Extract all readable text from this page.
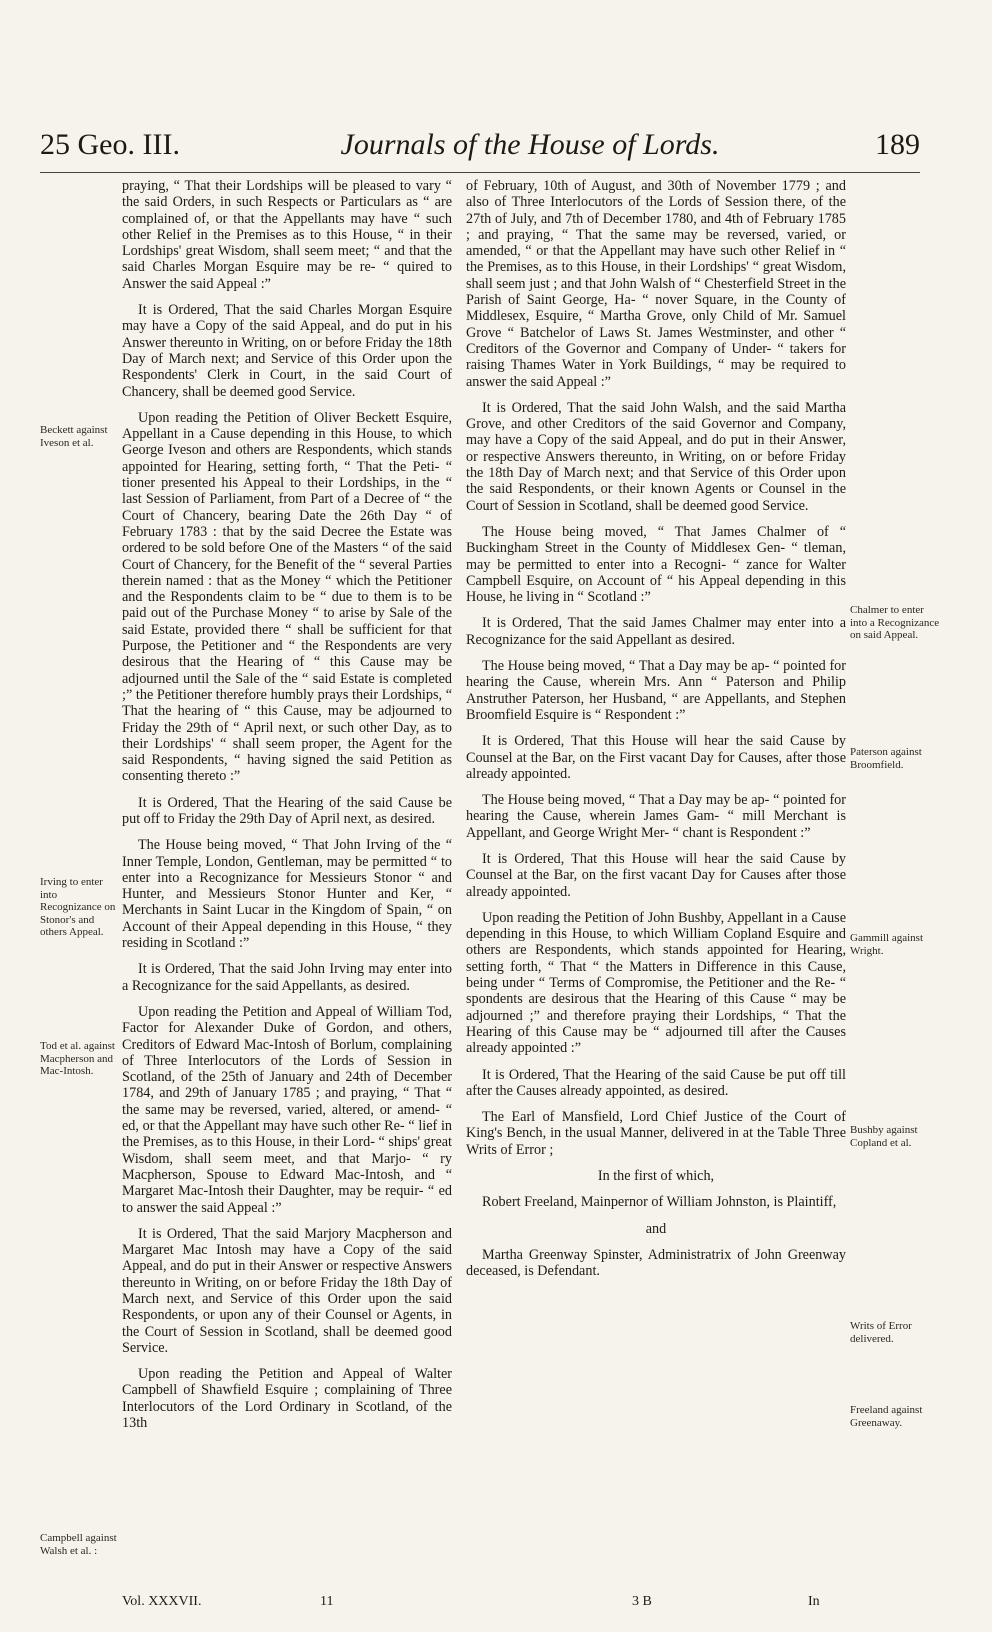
25 Geo. III.	Journals of the House of Lords.	189
Beckett against Iveson et al.
Irving to enter into Recognizance on Stonor's and others Appeal.
Tod et al. against Macpherson and Mac-Intosh.
Campbell against Walsh et al. :
Chalmer to enter into a Recognizance on said Appeal.
Paterson against Broomfield.
Gammill against Wright.
Bushby against Copland et al.
Writs of Error delivered.
Freeland against Greenaway.

praying, “ That their Lordships will be pleased to vary “ the said Orders, in such Respects or Particulars as “ are complained of, or that the Appellants may have “ such other Relief in the Premises as to this House, “ in their Lordships' great Wisdom, shall seem meet; “ and that the said Charles Morgan Esquire may be re- “ quired to Answer the said Appeal :”

It is Ordered, That the said Charles Morgan Esquire may have a Copy of the said Appeal, and do put in his Answer thereunto in Writing, on or before Friday the 18th Day of March next; and Service of this Order upon the Respondents' Clerk in Court, in the said Court of Chancery, shall be deemed good Service.

Upon reading the Petition of Oliver Beckett Esquire, Appellant in a Cause depending in this House, to which George Iveson and others are Respondents, which stands appointed for Hearing, setting forth, “ That the Peti- “ tioner presented his Appeal to their Lordships, in the “ last Session of Parliament, from Part of a Decree of “ the Court of Chancery, bearing Date the 26th Day “ of February 1783 : that by the said Decree the Estate was ordered to be sold before One of the Masters “ of the said Court of Chancery, for the Benefit of the “ several Parties therein named : that as the Money “ which the Petitioner and the Respondents claim to be “ due to them is to be paid out of the Purchase Money “ to arise by Sale of the said Estate, provided there “ shall be sufficient for that Purpose, the Petitioner and “ the Respondents are very desirous that the Hearing of “ this Cause may be adjourned until the Sale of the “ said Estate is completed ;” the Petitioner therefore humbly prays their Lordships, “ That the hearing of “ this Cause, may be adjourned to Friday the 29th of “ April next, or such other Day, as to their Lordships' “ shall seem proper, the Agent for the said Respondents, “ having signed the said Petition as consenting thereto :”

It is Ordered, That the Hearing of the said Cause be put off to Friday the 29th Day of April next, as desired.

The House being moved, “ That John Irving of the “ Inner Temple, London, Gentleman, may be permitted “ to enter into a Recognizance for Messieurs Stonor “ and Hunter, and Messieurs Stonor Hunter and Ker, “ Merchants in Saint Lucar in the Kingdom of Spain, “ on Account of their Appeal depending in this House, “ they residing in Scotland :”

It is Ordered, That the said John Irving may enter into a Recognizance for the said Appellants, as desired.

Upon reading the Petition and Appeal of William Tod, Factor for Alexander Duke of Gordon, and others, Creditors of Edward Mac-Intosh of Borlum, complaining of Three Interlocutors of the Lords of Session in Scotland, of the 25th of January and 24th of December 1784, and 29th of January 1785 ; and praying, “ That “ the same may be reversed, varied, altered, or amend- “ ed, or that the Appellant may have such other Re- “ lief in the Premises, as to this House, in their Lord- “ ships' great Wisdom, shall seem meet, and that Marjo- “ ry Macpherson, Spouse to Edward Mac-Intosh, and “ Margaret Mac-Intosh their Daughter, may be requir- “ ed to answer the said Appeal :”

It is Ordered, That the said Marjory Macpherson and Margaret Mac Intosh may have a Copy of the said Appeal, and do put in their Answer or respective Answers thereunto in Writing, on or before Friday the 18th Day of March next, and Service of this Order upon the said Respondents, or upon any of their Counsel or Agents, in the Court of Session in Scotland, shall be deemed good Service.

Upon reading the Petition and Appeal of Walter Campbell of Shawfield Esquire ; complaining of Three Interlocutors of the Lord Ordinary in Scotland, of the 13th

of February, 10th of August, and 30th of November 1779 ; and also of Three Interlocutors of the Lords of Session there, of the 27th of July, and 7th of December 1780, and 4th of February 1785 ; and praying, “ That the same may be reversed, varied, or amended, “ or that the Appellant may have such other Relief in “ the Premises, as to this House, in their Lordships' “ great Wisdom, shall seem just ; and that John Walsh of “ Chesterfield Street in the Parish of Saint George, Ha- “ nover Square, in the County of Middlesex, Esquire, “ Martha Grove, only Child of Mr. Samuel Grove “ Batchelor of Laws St. James Westminster, and other “ Creditors of the Governor and Company of Under- “ takers for raising Thames Water in York Buildings, “ may be required to answer the said Appeal :”

It is Ordered, That the said John Walsh, and the said Martha Grove, and other Creditors of the said Governor and Company, may have a Copy of the said Appeal, and do put in their Answer, or respective Answers thereunto, in Writing, on or before Friday the 18th Day of March next; and that Service of this Order upon the said Respondents, or their known Agents or Counsel in the Court of Session in Scotland, shall be deemed good Service.

The House being moved, “ That James Chalmer of “ Buckingham Street in the County of Middlesex Gen- “ tleman, may be permitted to enter into a Recogni- “ zance for Walter Campbell Esquire, on Account of “ his Appeal depending in this House, he living in “ Scotland :”

It is Ordered, That the said James Chalmer may enter into a Recognizance for the said Appellant as desired.

The House being moved, “ That a Day may be ap- “ pointed for hearing the Cause, wherein Mrs. Ann “ Paterson and Philip Anstruther Paterson, her Husband, “ are Appellants, and Stephen Broomfield Esquire is “ Respondent :”

It is Ordered, That this House will hear the said Cause by Counsel at the Bar, on the First vacant Day for Causes, after those already appointed.

The House being moved, “ That a Day may be ap- “ pointed for hearing the Cause, wherein James Gam- “ mill Merchant is Appellant, and George Wright Mer- “ chant is Respondent :”

It is Ordered, That this House will hear the said Cause by Counsel at the Bar, on the first vacant Day for Causes after those already appointed.

Upon reading the Petition of John Bushby, Appellant in a Cause depending in this House, to which William Copland Esquire and others are Respondents, which stands appointed for Hearing, setting forth, “ That “ the Matters in Difference in this Cause, being under “ Terms of Compromise, the Petitioner and the Re- “ spondents are desirous that the Hearing of this Cause “ may be adjourned ;” and therefore praying their Lordships, “ That the Hearing of this Cause may be “ adjourned till after the Causes already appointed :”

It is Ordered, That the Hearing of the said Cause be put off till after the Causes already appointed, as desired.

The Earl of Mansfield, Lord Chief Justice of the Court of King's Bench, in the usual Manner, delivered in at the Table Three Writs of Error ;

In the first of which,

Robert Freeland, Mainpernor of William Johnston, is Plaintiff,

and

Martha Greenway Spinster, Administratrix of John Greenway deceased, is Defendant.

Vol. XXXVII.	11	3 B	In
